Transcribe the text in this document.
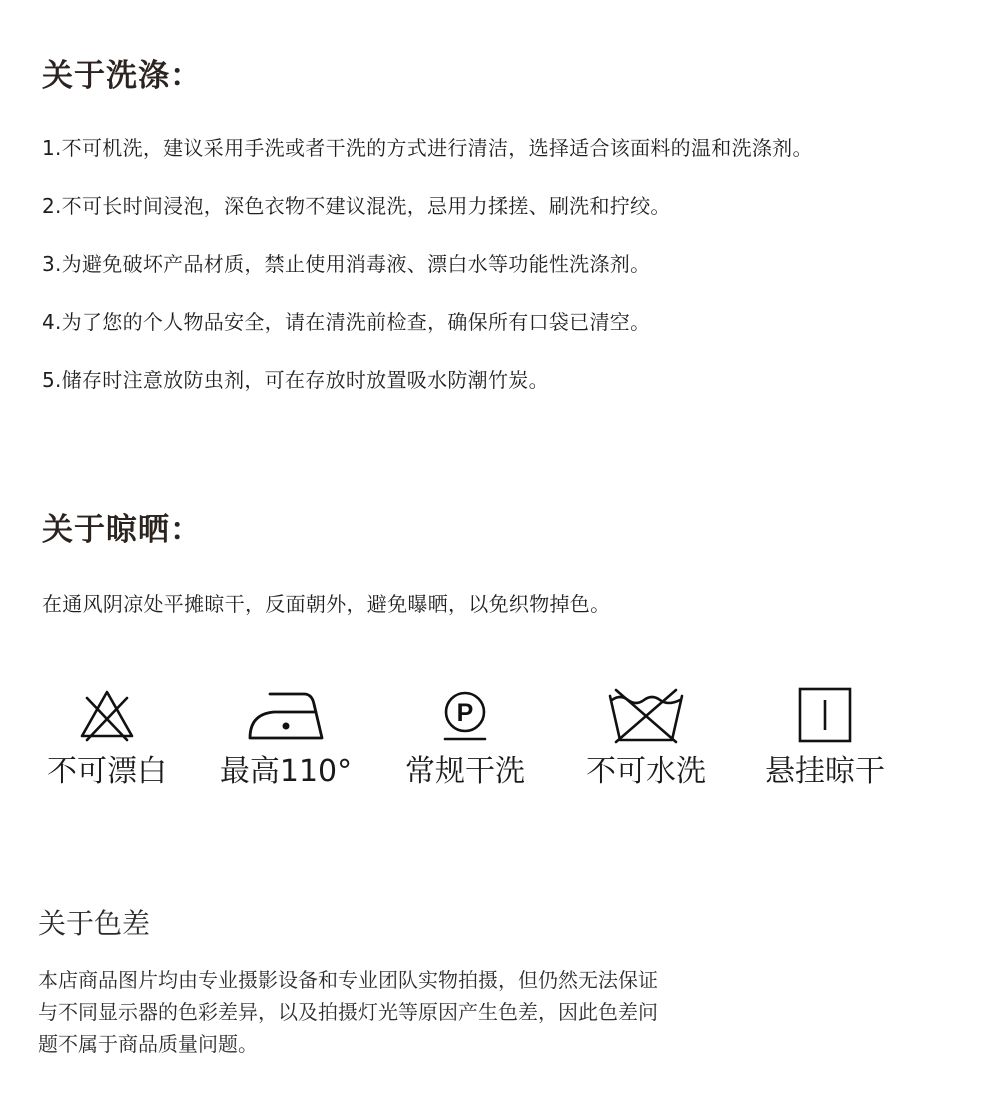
关于洗涤：
1.不可机洗，建议采用手洗或者干洗的方式进行清洁，选择适合该面料的温和洗涤剂。
2.不可长时间浸泡，深色衣物不建议混洗，忌用力揉搓、刷洗和拧绞。
3.为避免破坏产品材质，禁止使用消毒液、漂白水等功能性洗涤剂。
4.为了您的个人物品安全，请在清洗前检查，确保所有口袋已清空。
5.储存时注意放防虫剂，可在存放时放置吸水防潮竹炭。
关于晾晒：
在通风阴凉处平摊晾干，反面朝外，避免曝晒，以免织物掉色。
不可漂白	最高110°
P
常规干洗	不可水洗	悬挂晾干
关于色差
本店商品图片均由专业摄影设备和专业团队实物拍摄，但仍然无法保证
与不同显示器的色彩差异，以及拍摄灯光等原因产生色差，因此色差问
题不属于商品质量问题。
